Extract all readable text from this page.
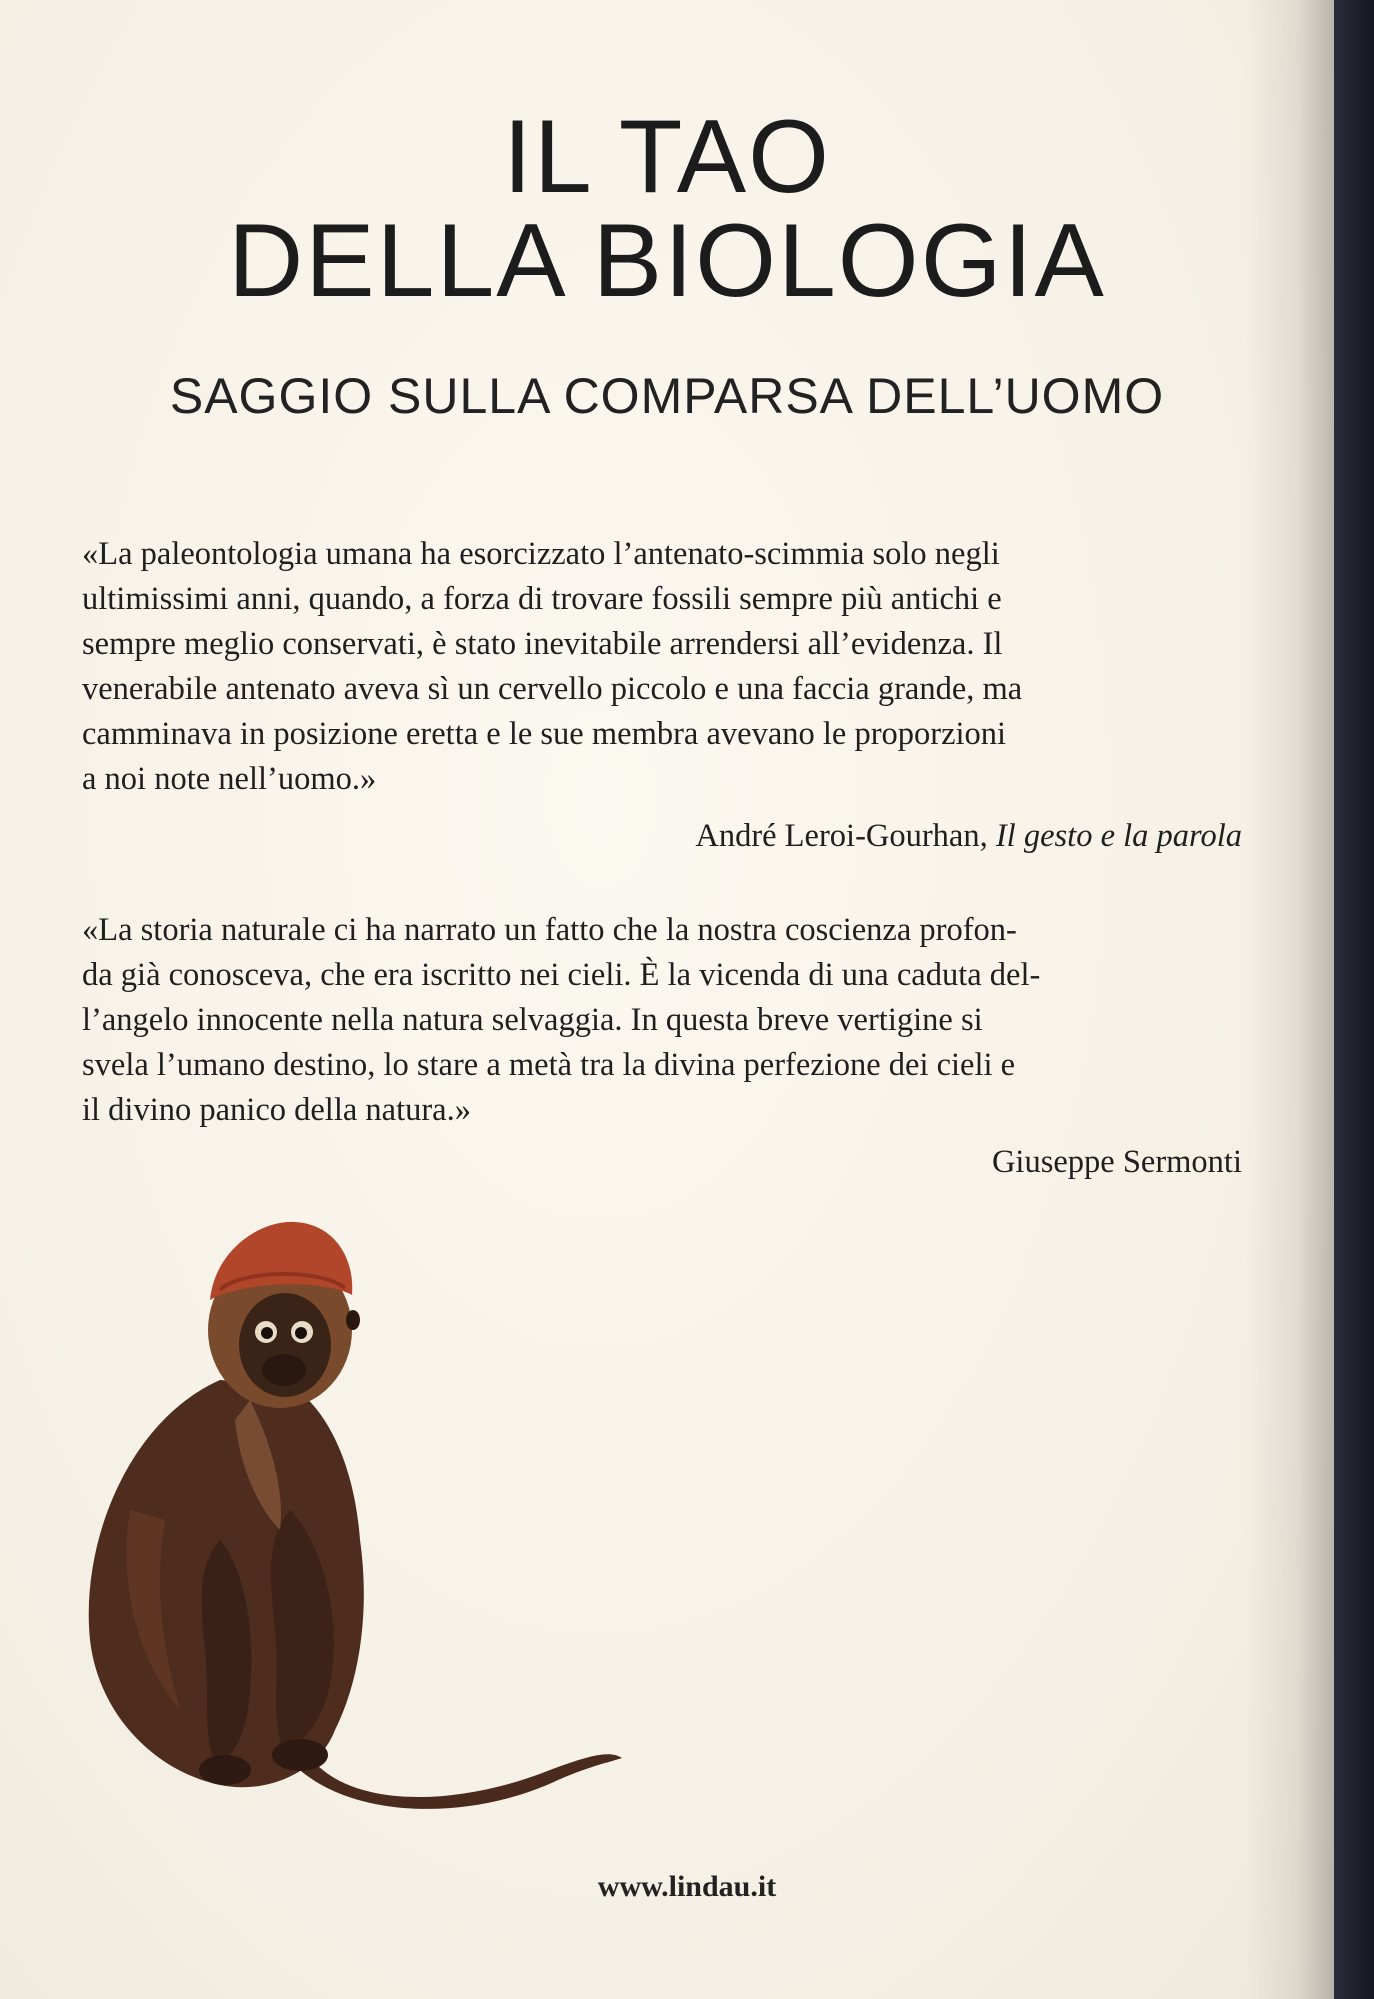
IL TAO
DELLA BIOLOGIA
SAGGIO SULLA COMPARSA DELL’UOMO
«La paleontologia umana ha esorcizzato l’antenato-scimmia solo negli
ultimissimi anni, quando, a forza di trovare fossili sempre più antichi e
sempre meglio conservati, è stato inevitabile arrendersi all’evidenza. Il
venerabile antenato aveva sì un cervello piccolo e una faccia grande, ma
camminava in posizione eretta e le sue membra avevano le proporzioni
a noi note nell’uomo.»
André Leroi-Gourhan, Il gesto e la parola
«La storia naturale ci ha narrato un fatto che la nostra coscienza profon-
da già conosceva, che era iscritto nei cieli. È la vicenda di una caduta del-
l’angelo innocente nella natura selvaggia. In questa breve vertigine si
svela l’umano destino, lo stare a metà tra la divina perfezione dei cieli e
il divino panico della natura.»
Giuseppe Sermonti
www.lindau.it
